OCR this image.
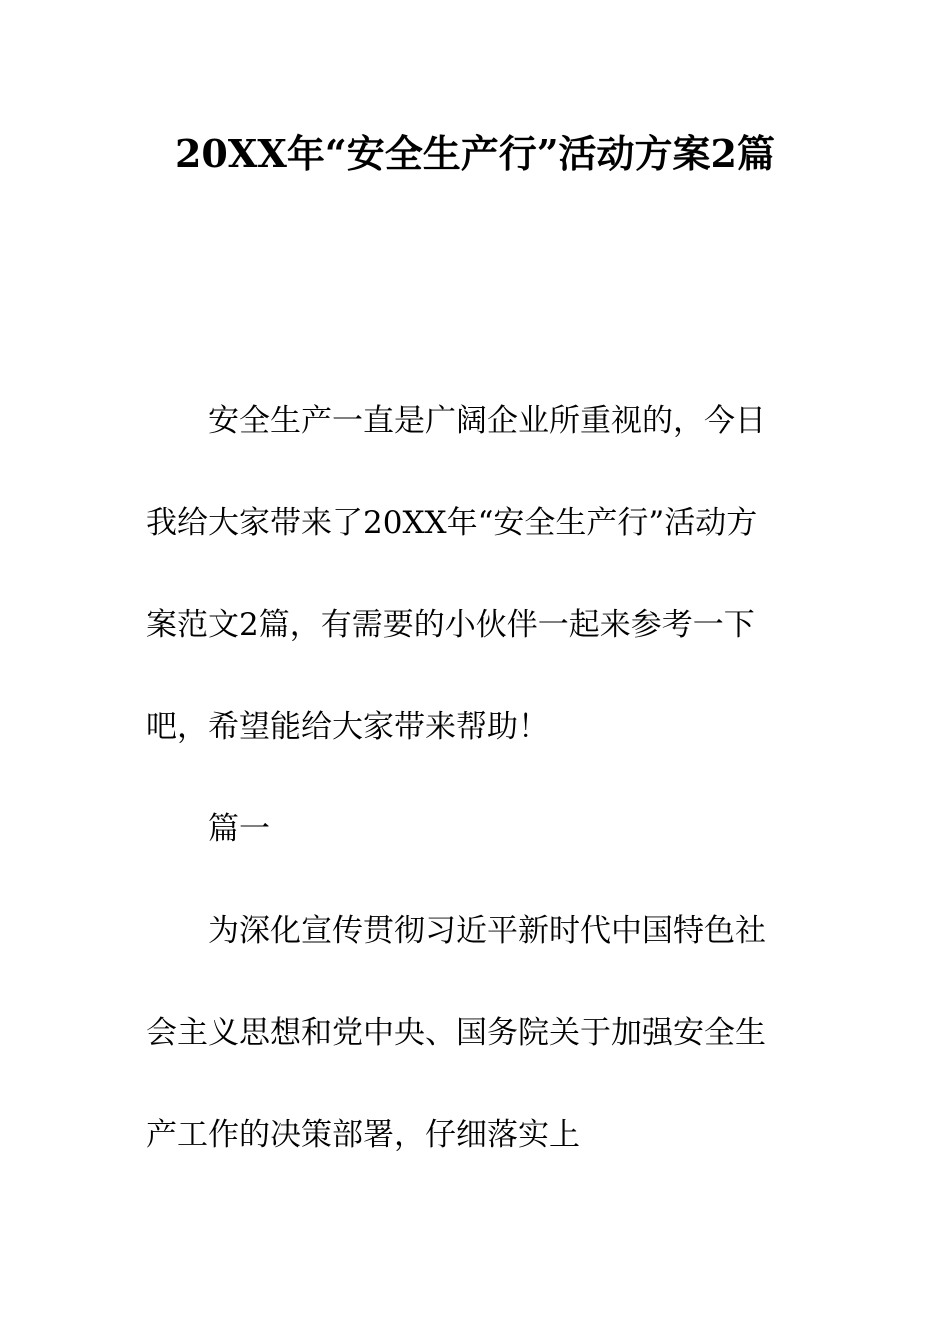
20XX年“安全生产行”活动方案2篇

安全生产一直是广阔企业所重视的，今日我给大家带来了20XX年“安全生产行”活动方案范文2篇，有需要的小伙伴一起来参考一下吧，希望能给大家带来帮助！

篇一

为深化宣传贯彻习近平新时代中国特色社会主义思想和党中央、国务院关于加强安全生产工作的决策部署，仔细落实上
